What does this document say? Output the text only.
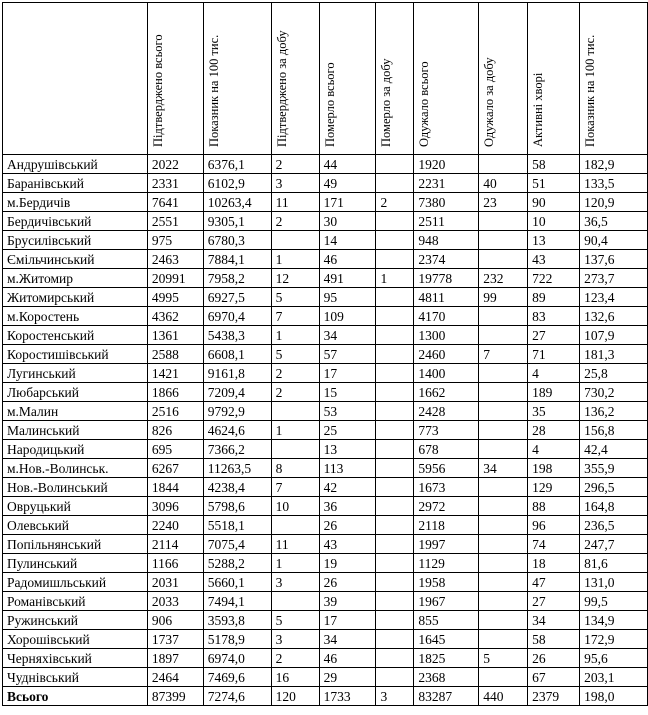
	Підтверджено всього	Показник на 100 тис.	Підтверджено за добу	Померло всього	Померло за добу	Одужало всього	Одужало за добу	Активні хворі	Показник на 100 тис.
Андрушівський	2022	6376,1	2	44		1920		58	182,9
Баранівський	2331	6102,9	3	49		2231	40	51	133,5
м.Бердичів	7641	10263,4	11	171	2	7380	23	90	120,9
Бердичівський	2551	9305,1	2	30		2511		10	36,5
Брусилівський	975	6780,3		14		948		13	90,4
Ємільчинський	2463	7884,1	1	46		2374		43	137,6
м.Житомир	20991	7958,2	12	491	1	19778	232	722	273,7
Житомирський	4995	6927,5	5	95		4811	99	89	123,4
м.Коростень	4362	6970,4	7	109		4170		83	132,6
Коростенський	1361	5438,3	1	34		1300		27	107,9
Коростишівський	2588	6608,1	5	57		2460	7	71	181,3
Лугинський	1421	9161,8	2	17		1400		4	25,8
Любарський	1866	7209,4	2	15		1662		189	730,2
м.Малин	2516	9792,9		53		2428		35	136,2
Малинський	826	4624,6	1	25		773		28	156,8
Народицький	695	7366,2		13		678		4	42,4
м.Нов.-Волинськ.	6267	11263,5	8	113		5956	34	198	355,9
Нов.-Волинський	1844	4238,4	7	42		1673		129	296,5
Овруцький	3096	5798,6	10	36		2972		88	164,8
Олевський	2240	5518,1		26		2118		96	236,5
Попільнянський	2114	7075,4	11	43		1997		74	247,7
Пулинський	1166	5288,2	1	19		1129		18	81,6
Радомишльський	2031	5660,1	3	26		1958		47	131,0
Романівський	2033	7494,1		39		1967		27	99,5
Ружинський	906	3593,8	5	17		855		34	134,9
Хорошівський	1737	5178,9	3	34		1645		58	172,9
Черняхівський	1897	6974,0	2	46		1825	5	26	95,6
Чуднівський	2464	7469,6	16	29		2368		67	203,1
Всього	87399	7274,6	120	1733	3	83287	440	2379	198,0
